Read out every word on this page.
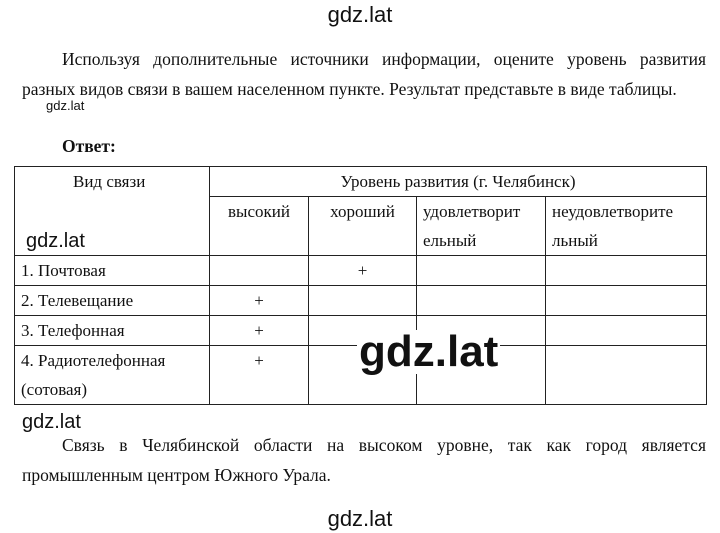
gdz.lat
Используя дополнительные источники информации, оцените уровень развития разных видов связи в вашем населенном пункте. Результат представьте в виде таблицы.
gdz.lat
Ответ:
Вид связи	Уровень развития (г. Челябинск)			
	высокий	хороший	удовлетворит ельный	неудовлетворите льный
1. Почтовая		+		
2. Телевещание	+			
3. Телефонная	+			
4. Радиотелефонная (сотовая)	+			
gdz.lat
gdz.lat
gdz.lat
Связь в Челябинской области на высоком уровне, так как город является промышленным центром Южного Урала.
gdz.lat
